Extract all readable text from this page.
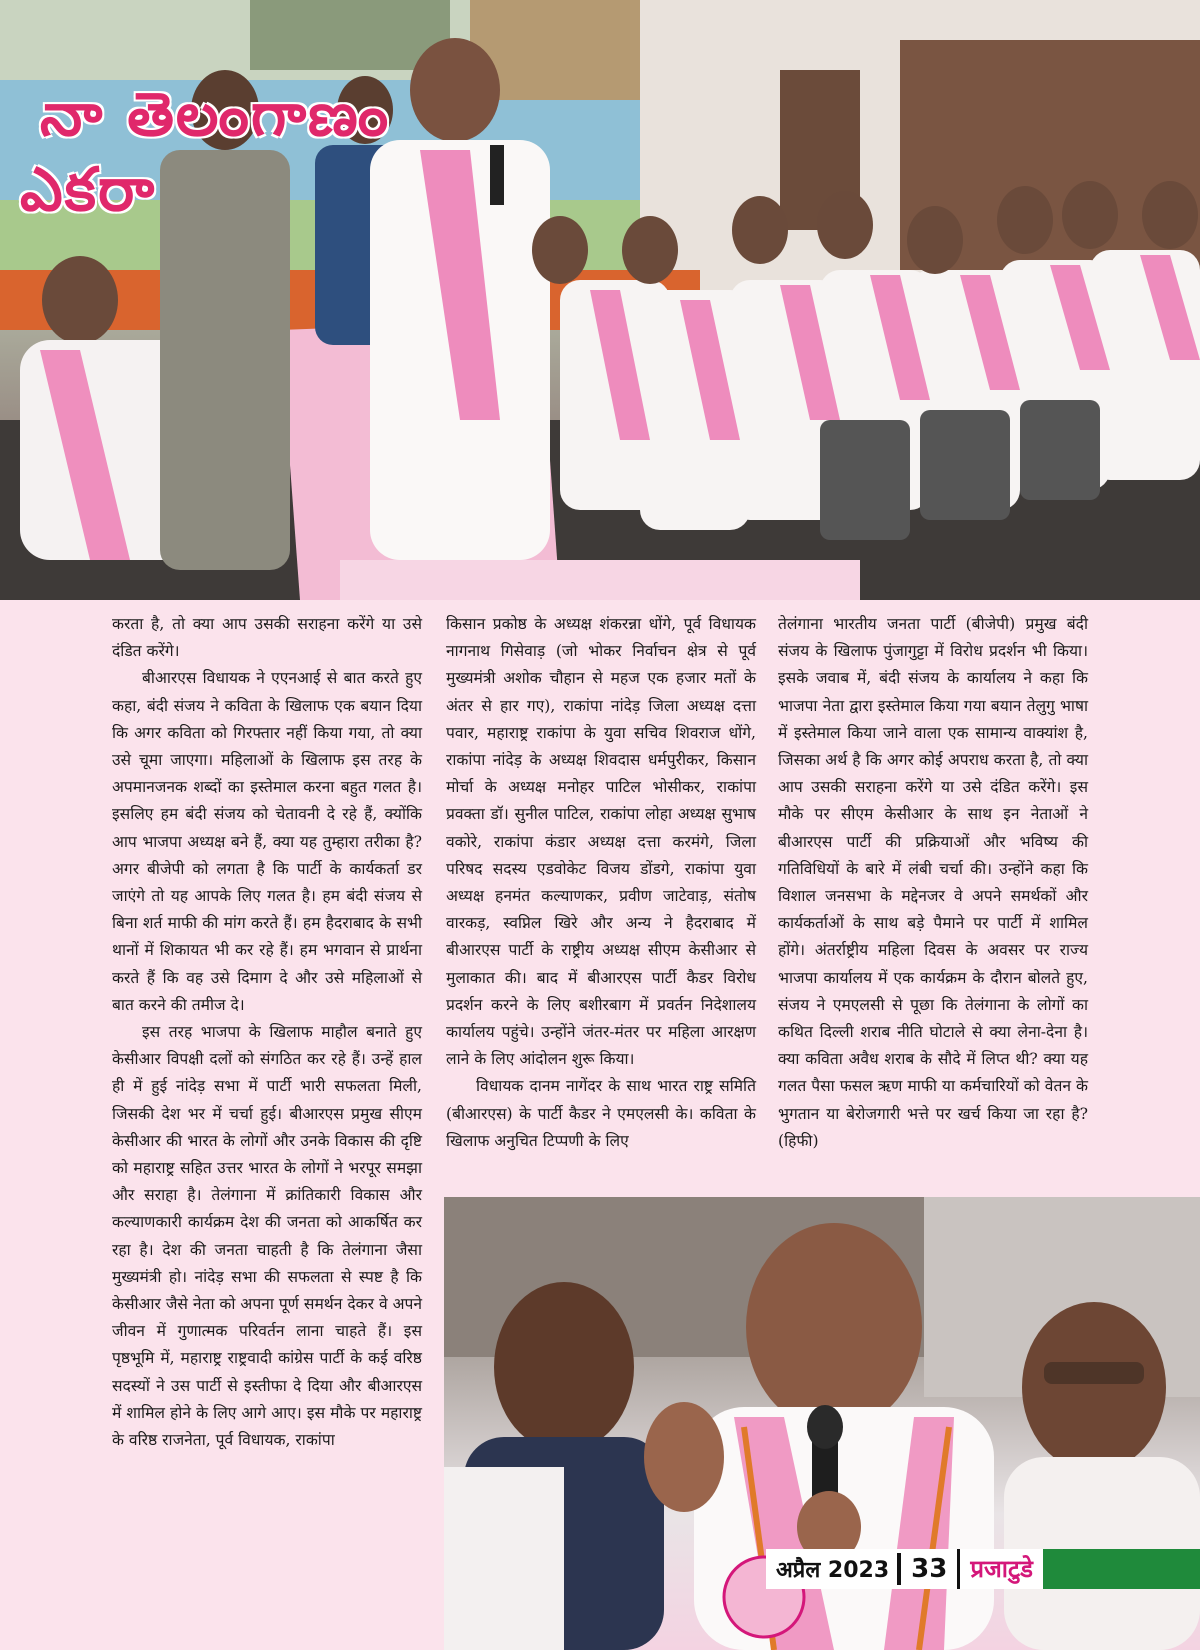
నా తెలంగాణం
ఎకరా

करता है, तो क्या आप उसकी सराहना करेंगे या उसे दंडित करेंगे।

बीआरएस विधायक ने एएनआई से बात करते हुए कहा, बंदी संजय ने कविता के खिलाफ एक बयान दिया कि अगर कविता को गिरफ्तार नहीं किया गया, तो क्या उसे चूमा जाएगा। महिलाओं के खिलाफ इस तरह के अपमानजनक शब्दों का इस्तेमाल करना बहुत गलत है। इसलिए हम बंदी संजय को चेतावनी दे रहे हैं, क्योंकि आप भाजपा अध्यक्ष बने हैं, क्या यह तुम्हारा तरीका है? अगर बीजेपी को लगता है कि पार्टी के कार्यकर्ता डर जाएंगे तो यह आपके लिए गलत है। हम बंदी संजय से बिना शर्त माफी की मांग करते हैं। हम हैदराबाद के सभी थानों में शिकायत भी कर रहे हैं। हम भगवान से प्रार्थना करते हैं कि वह उसे दिमाग दे और उसे महिलाओं से बात करने की तमीज दे।

इस तरह भाजपा के खिलाफ माहौल बनाते हुए केसीआर विपक्षी दलों को संगठित कर रहे हैं। उन्हें हाल ही में हुई नांदेड़ सभा में पार्टी भारी सफलता मिली, जिसकी देश भर में चर्चा हुई। बीआरएस प्रमुख सीएम केसीआर की भारत के लोगों और उनके विकास की दृष्टि को महाराष्ट्र सहित उत्तर भारत के लोगों ने भरपूर समझा और सराहा है। तेलंगाना में क्रांतिकारी विकास और कल्याणकारी कार्यक्रम देश की जनता को आकर्षित कर रहा है। देश की जनता चाहती है कि तेलंगाना जैसा मुख्यमंत्री हो। नांदेड़ सभा की सफलता से स्पष्ट है कि केसीआर जैसे नेता को अपना पूर्ण समर्थन देकर वे अपने जीवन में गुणात्मक परिवर्तन लाना चाहते हैं। इस पृष्ठभूमि में, महाराष्ट्र राष्ट्रवादी कांग्रेस पार्टी के कई वरिष्ठ सदस्यों ने उस पार्टी से इस्तीफा दे दिया और बीआरएस में शामिल होने के लिए आगे आए। इस मौके पर महाराष्ट्र के वरिष्ठ राजनेता, पूर्व विधायक, राकांपा

किसान प्रकोष्ठ के अध्यक्ष शंकरन्ना धोंगे, पूर्व विधायक नागनाथ गिसेवाड़ (जो भोकर निर्वाचन क्षेत्र से पूर्व मुख्यमंत्री अशोक चौहान से महज एक हजार मतों के अंतर से हार गए), राकांपा नांदेड़ जिला अध्यक्ष दत्ता पवार, महाराष्ट्र राकांपा के युवा सचिव शिवराज धोंगे, राकांपा नांदेड़ के अध्यक्ष शिवदास धर्मपुरीकर, किसान मोर्चा के अध्यक्ष मनोहर पाटिल भोसीकर, राकांपा प्रवक्ता डॉ। सुनील पाटिल, राकांपा लोहा अध्यक्ष सुभाष वकोरे, राकांपा कंडार अध्यक्ष दत्ता करमंगे, जिला परिषद सदस्य एडवोकेट विजय डोंडगे, राकांपा युवा अध्यक्ष हनमंत कल्याणकर, प्रवीण जाटेवाड़, संतोष वारकड़, स्वप्निल खिरे और अन्य ने हैदराबाद में बीआरएस पार्टी के राष्ट्रीय अध्यक्ष सीएम केसीआर से मुलाकात की। बाद में बीआरएस पार्टी कैडर विरोध प्रदर्शन करने के लिए बशीरबाग में प्रवर्तन निदेशालय कार्यालय पहुंचे। उन्होंने जंतर-मंतर पर महिला आरक्षण लाने के लिए आंदोलन शुरू किया।

विधायक दानम नागेंदर के साथ भारत राष्ट्र समिति (बीआरएस) के पार्टी कैडर ने एमएलसी के। कविता के खिलाफ अनुचित टिप्पणी के लिए

तेलंगाना भारतीय जनता पार्टी (बीजेपी) प्रमुख बंदी संजय के खिलाफ पुंजागुट्टा में विरोध प्रदर्शन भी किया। इसके जवाब में, बंदी संजय के कार्यालय ने कहा कि भाजपा नेता द्वारा इस्तेमाल किया गया बयान तेलुगु भाषा में इस्तेमाल किया जाने वाला एक सामान्य वाक्यांश है, जिसका अर्थ है कि अगर कोई अपराध करता है, तो क्या आप उसकी सराहना करेंगे या उसे दंडित करेंगे। इस मौके पर सीएम केसीआर के साथ इन नेताओं ने बीआरएस पार्टी की प्रक्रियाओं और भविष्य की गतिविधियों के बारे में लंबी चर्चा की। उन्होंने कहा कि विशाल जनसभा के मद्देनजर वे अपने समर्थकों और कार्यकर्ताओं के साथ बड़े पैमाने पर पार्टी में शामिल होंगे। अंतर्राष्ट्रीय महिला दिवस के अवसर पर राज्य भाजपा कार्यालय में एक कार्यक्रम के दौरान बोलते हुए, संजय ने एमएलसी से पूछा कि तेलंगाना के लोगों का कथित दिल्ली शराब नीति घोटाले से क्या लेना-देना है। क्या कविता अवैध शराब के सौदे में लिप्त थी? क्या यह गलत पैसा फसल ऋण माफी या कर्मचारियों को वेतन के भुगतान या बेरोजगारी भत्ते पर खर्च किया जा रहा है? (हिफी)

अप्रैल 2023 33 प्रजाटुडे
